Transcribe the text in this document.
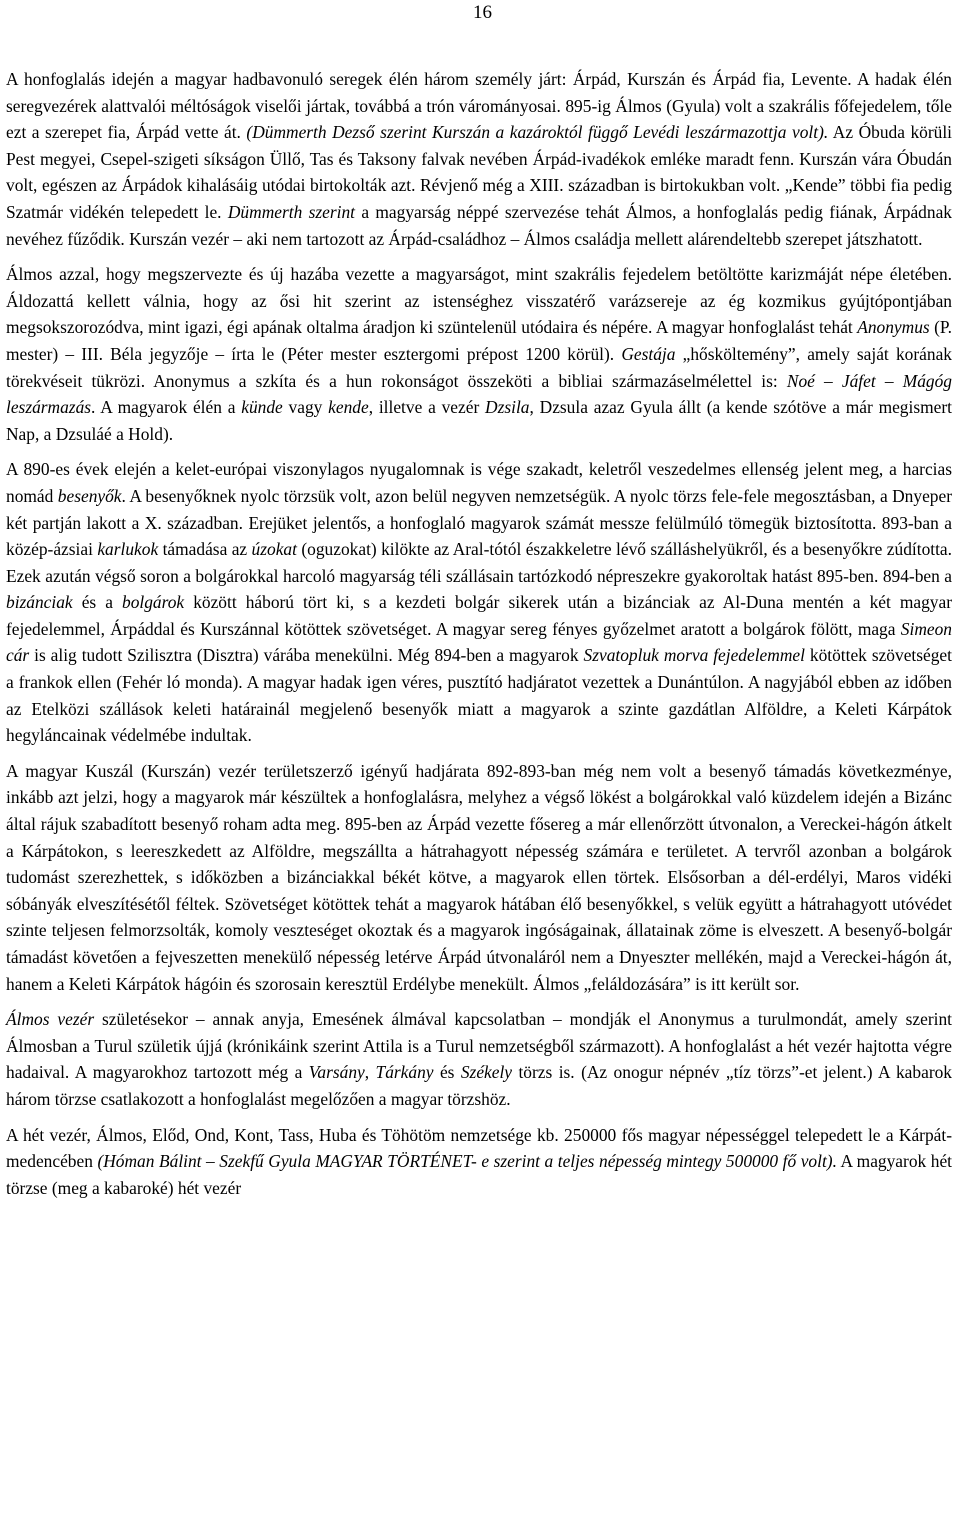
16

A honfoglalás idején a magyar hadbavonuló seregek élén három személy járt: Árpád, Kurszán és Árpád fia, Levente. A hadak élén seregvezérek alattvalói méltóságok viselői jártak, továbbá a trón várományosai. 895-ig Álmos (Gyula) volt a szakrális főfejedelem, tőle ezt a szerepet fia, Árpád vette át. (Dümmerth Dezső szerint Kurszán a kazároktól függő Levédi leszármazottja volt). Az Óbuda körüli Pest megyei, Csepel-szigeti síkságon Üllő, Tas és Taksony falvak nevében Árpád-ivadékok emléke maradt fenn. Kurszán vára Óbudán volt, egészen az Árpádok kihalásáig utódai birtokolták azt. Révjenő még a XIII. században is birtokukban volt. „Kende” többi fia pedig Szatmár vidékén telepedett le. Dümmerth szerint a magyarság néppé szervezése tehát Álmos, a honfoglalás pedig fiának, Árpádnak nevéhez fűződik. Kurszán vezér – aki nem tartozott az Árpád-családhoz – Álmos családja mellett alárendeltebb szerepet játszhatott.

Álmos azzal, hogy megszervezte és új hazába vezette a magyarságot, mint szakrális fejedelem betöltötte karizmáját népe életében. Áldozattá kellett válnia, hogy az ősi hit szerint az istenséghez visszatérő varázsereje az ég kozmikus gyújtópontjában megsokszorozódva, mint igazi, égi apának oltalma áradjon ki szüntelenül utódaira és népére. A magyar honfoglalást tehát Anonymus (P. mester) – III. Béla jegyzője – írta le (Péter mester esztergomi prépost 1200 körül). Gestája „hősköltemény”, amely saját korának törekvéseit tükrözi. Anonymus a szkíta és a hun rokonságot összeköti a bibliai származáselmélettel is: Noé – Jáfet – Mágóg leszármazás. A magyarok élén a künde vagy kende, illetve a vezér Dzsila, Dzsula azaz Gyula állt (a kende szótöve a már megismert Nap, a Dzsuláé a Hold).

A 890-es évek elején a kelet-európai viszonylagos nyugalomnak is vége szakadt, keletről veszedelmes ellenség jelent meg, a harcias nomád besenyők. A besenyőknek nyolc törzsük volt, azon belül negyven nemzetségük. A nyolc törzs fele-fele megosztásban, a Dnyeper két partján lakott a X. században. Erejüket jelentős, a honfoglaló magyarok számát messze felülmúló tömegük biztosította. 893-ban a közép-ázsiai karlukok támadása az úzokat (oguzokat) kilökte az Aral-tótól északkeletre lévő szálláshelyükről, és a besenyőkre zúdította. Ezek azután végső soron a bolgárokkal harcoló magyarság téli szállásain tartózkodó népreszekre gyakoroltak hatást 895-ben. 894-ben a bizánciak és a bolgárok között háború tört ki, s a kezdeti bolgár sikerek után a bizánciak az Al-Duna mentén a két magyar fejedelemmel, Árpáddal és Kurszánnal kötöttek szövetséget. A magyar sereg fényes győzelmet aratott a bolgárok fölött, maga Simeon cár is alig tudott Szilisztra (Disztra) várába menekülni. Még 894-ben a magyarok Szvatopluk morva fejedelemmel kötöttek szövetséget a frankok ellen (Fehér ló monda). A magyar hadak igen véres, pusztító hadjáratot vezettek a Dunántúlon. A nagyjából ebben az időben az Etelközi szállások keleti határainál megjelenő besenyők miatt a magyarok a szinte gazdátlan Alföldre, a Keleti Kárpátok hegyláncainak védelmébe indultak.

A magyar Kuszál (Kurszán) vezér területszerző igényű hadjárata 892-893-ban még nem volt a besenyő támadás következménye, inkább azt jelzi, hogy a magyarok már készültek a honfoglalásra, melyhez a végső lökést a bolgárokkal való küzdelem idején a Bizánc által rájuk szabadított besenyő roham adta meg. 895-ben az Árpád vezette fősereg a már ellenőrzött útvonalon, a Vereckei-hágón átkelt a Kárpátokon, s leereszkedett az Alföldre, megszállta a hátrahagyott népesség számára e területet. A tervről azonban a bolgárok tudomást szerezhettek, s időközben a bizánciakkal békét kötve, a magyarok ellen törtek. Elsősorban a dél-erdélyi, Maros vidéki sóbányák elveszítésétől féltek. Szövetséget kötöttek tehát a magyarok hátában élő besenyőkkel, s velük együtt a hátrahagyott utóvédet szinte teljesen felmorzsolták, komoly veszteséget okoztak és a magyarok ingóságainak, állatainak zöme is elveszett. A besenyő-bolgár támadást követően a fejveszetten menekülő népesség letérve Árpád útvonaláról nem a Dnyeszter mellékén, majd a Vereckei-hágón át, hanem a Keleti Kárpátok hágóin és szorosain keresztül Erdélybe menekült. Álmos „feláldozására” is itt került sor.

Álmos vezér születésekor – annak anyja, Emesének álmával kapcsolatban – mondják el Anonymus a turulmondát, amely szerint Álmosban a Turul születik újjá (krónikáink szerint Attila is a Turul nemzetségből származott). A honfoglalást a hét vezér hajtotta végre hadaival. A magyarokhoz tartozott még a Varsány, Tárkány és Székely törzs is. (Az onogur népnév „tíz törzs”-et jelent.) A kabarok három törzse csatlakozott a honfoglalást megelőzően a magyar törzshöz.

A hét vezér, Álmos, Előd, Ond, Kont, Tass, Huba és Töhötöm nemzetsége kb. 250000 fős magyar népességgel telepedett le a Kárpát-medencében (Hóman Bálint – Szekfű Gyula MAGYAR TÖRTÉNET- e szerint a teljes népesség mintegy 500000 fő volt). A magyarok hét törzse (meg a kabaroké) hét vezér
